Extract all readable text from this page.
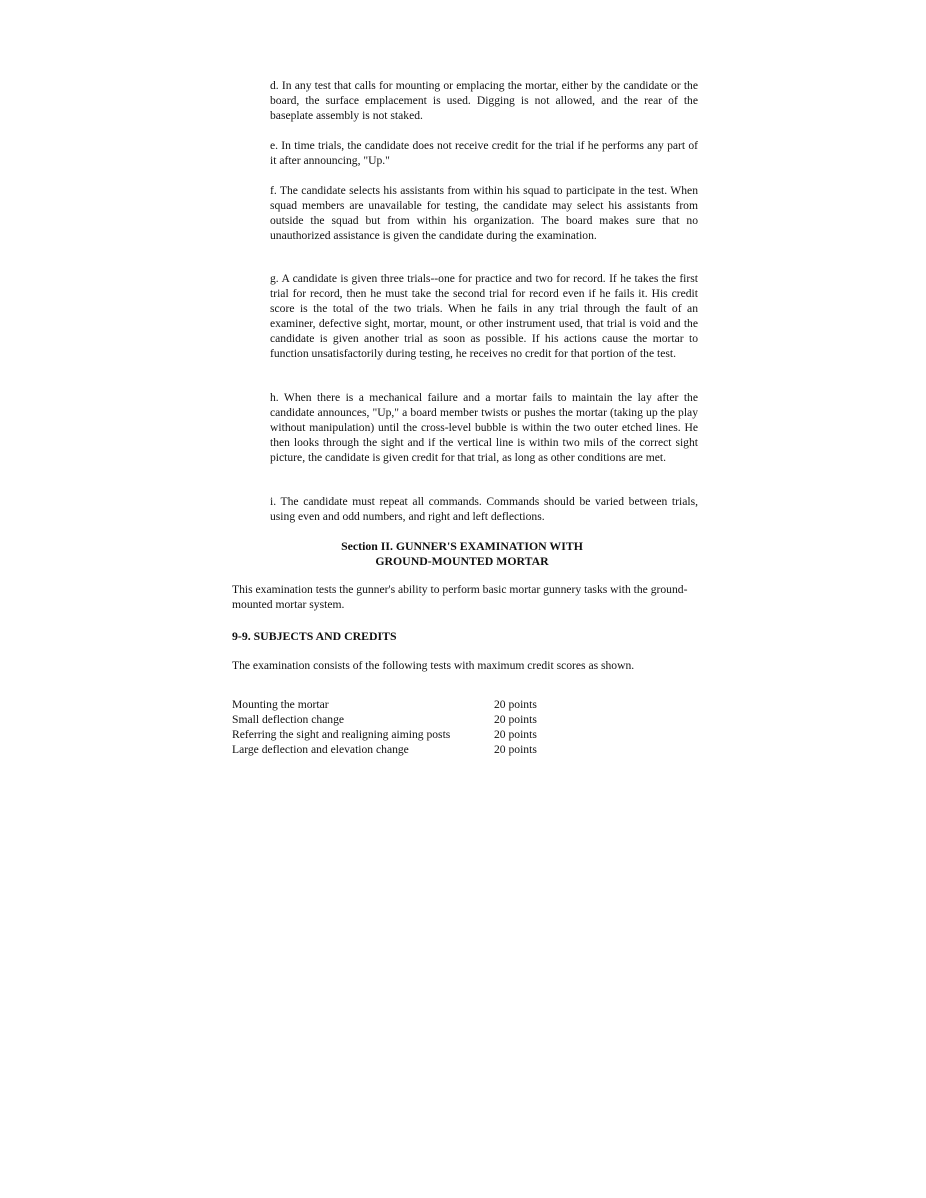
d. In any test that calls for mounting or emplacing the mortar, either by the candidate or the board, the surface emplacement is used. Digging is not allowed, and the rear of the baseplate assembly is not staked.

e. In time trials, the candidate does not receive credit for the trial if he performs any part of it after announcing, "Up."

f. The candidate selects his assistants from within his squad to participate in the test. When squad members are unavailable for testing, the candidate may select his assistants from outside the squad but from within his organization. The board makes sure that no unauthorized assistance is given the candidate during the examination.

g. A candidate is given three trials--one for practice and two for record. If he takes the first trial for record, then he must take the second trial for record even if he fails it. His credit score is the total of the two trials. When he fails in any trial through the fault of an examiner, defective sight, mortar, mount, or other instrument used, that trial is void and the candidate is given another trial as soon as possible. If his actions cause the mortar to function unsatisfactorily during testing, he receives no credit for that portion of the test.

h. When there is a mechanical failure and a mortar fails to maintain the lay after the candidate announces, "Up," a board member twists or pushes the mortar (taking up the play without manipulation) until the cross-level bubble is within the two outer etched lines. He then looks through the sight and if the vertical line is within two mils of the correct sight picture, the candidate is given credit for that trial, as long as other conditions are met.

i. The candidate must repeat all commands. Commands should be varied between trials, using even and odd numbers, and right and left deflections.

Section II. GUNNER'S EXAMINATION WITH
GROUND-MOUNTED MORTAR

This examination tests the gunner's ability to perform basic mortar gunnery tasks with the ground-mounted mortar system.

9-9. SUBJECTS AND CREDITS

The examination consists of the following tests with maximum credit scores as shown.

Mounting the mortar	20 points
Small deflection change	20 points
Referring the sight and realigning aiming posts	20 points
Large deflection and elevation change	20 points
